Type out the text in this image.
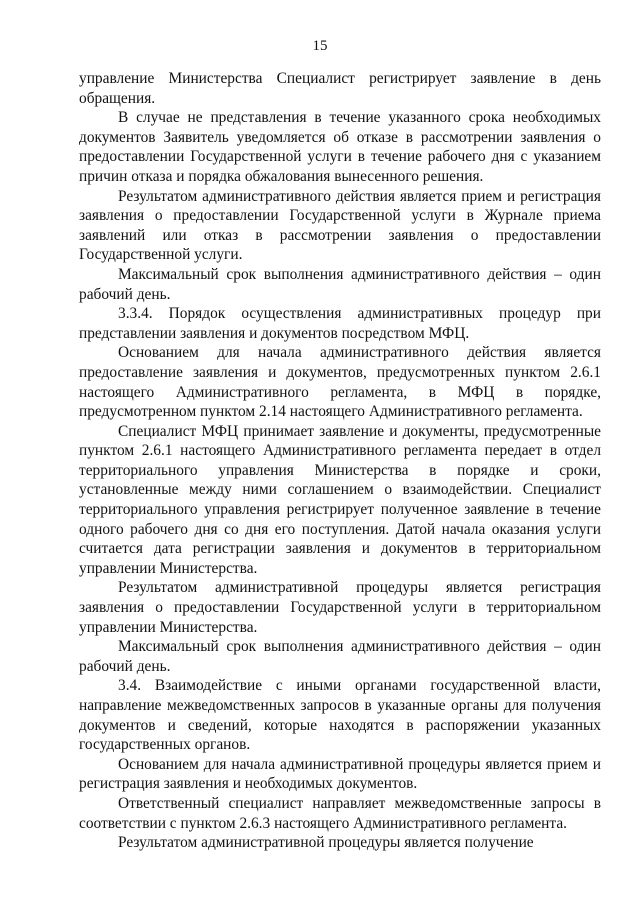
15

управление Министерства Специалист регистрирует заявление в день обращения.

В случае не представления в течение указанного срока необходимых документов Заявитель уведомляется об отказе в рассмотрении заявления о предоставлении Государственной услуги в течение рабочего дня с указанием причин отказа и порядка обжалования вынесенного решения.

Результатом административного действия является прием и регистрация заявления о предоставлении Государственной услуги в Журнале приема заявлений или отказ в рассмотрении заявления о предоставлении Государственной услуги.

Максимальный срок выполнения административного действия – один рабочий день.

3.3.4. Порядок осуществления административных процедур при представлении заявления и документов посредством МФЦ.

Основанием для начала административного действия является предоставление заявления и документов, предусмотренных пунктом 2.6.1 настоящего Административного регламента, в МФЦ в порядке, предусмотренном пунктом 2.14 настоящего Административного регламента.

Специалист МФЦ принимает заявление и документы, предусмотренные пунктом 2.6.1 настоящего Административного регламента передает в отдел территориального управления Министерства в порядке и сроки, установленные между ними соглашением о взаимодействии. Специалист территориального управления регистрирует полученное заявление в течение одного рабочего дня со дня его поступления. Датой начала оказания услуги считается дата регистрации заявления и документов в территориальном управлении Министерства.

Результатом административной процедуры является регистрация заявления о предоставлении Государственной услуги в территориальном управлении Министерства.

Максимальный срок выполнения административного действия – один рабочий день.

3.4. Взаимодействие с иными органами государственной власти, направление межведомственных запросов в указанные органы для получения документов и сведений, которые находятся в распоряжении указанных государственных органов.

Основанием для начала административной процедуры является прием и регистрация заявления и необходимых документов.

Ответственный специалист направляет межведомственные запросы в соответствии с пунктом 2.6.3 настоящего Административного регламента.

Результатом административной процедуры является получение
